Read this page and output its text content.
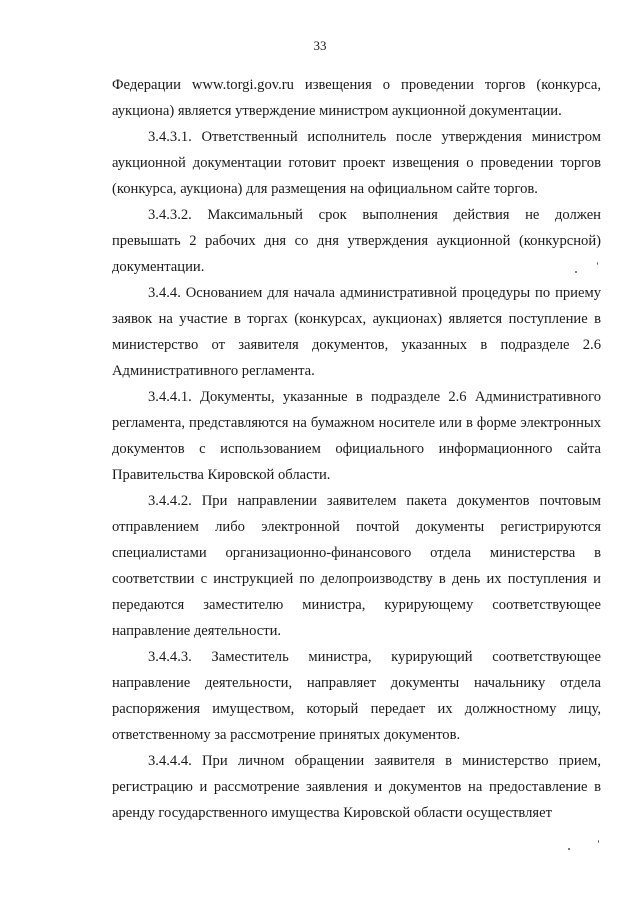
33

Федерации www.torgi.gov.ru извещения о проведении торгов (конкурса, аукциона) является утверждение министром аукционной документации.

3.4.3.1. Ответственный исполнитель после утверждения министром аукционной документации готовит проект извещения о проведении торгов (конкурса, аукциона) для размещения на официальном сайте торгов.

3.4.3.2. Максимальный срок выполнения действия не должен превышать 2 рабочих дня со дня утверждения аукционной (конкурсной) документации.

3.4.4. Основанием для начала административной процедуры по приему заявок на участие в торгах (конкурсах, аукционах) является поступление в министерство от заявителя документов, указанных в подразделе 2.6 Административного регламента.

3.4.4.1. Документы, указанные в подразделе 2.6 Административного регламента, представляются на бумажном носителе или в форме электронных документов с использованием официального информационного сайта Правительства Кировской области.

3.4.4.2. При направлении заявителем пакета документов почтовым отправлением либо электронной почтой документы регистрируются специалистами организационно-финансового отдела министерства в соответствии с инструкцией по делопроизводству в день их поступления и передаются заместителю министра, курирующему соответствующее направление деятельности.

3.4.4.3. Заместитель министра, курирующий соответствующее направление деятельности, направляет документы начальнику отдела распоряжения имуществом, который передает их должностному лицу, ответственному за рассмотрение принятых документов.

3.4.4.4. При личном обращении заявителя в министерство прием, регистрацию и рассмотрение заявления и документов на предоставление в аренду государственного имущества Кировской области осуществляет
